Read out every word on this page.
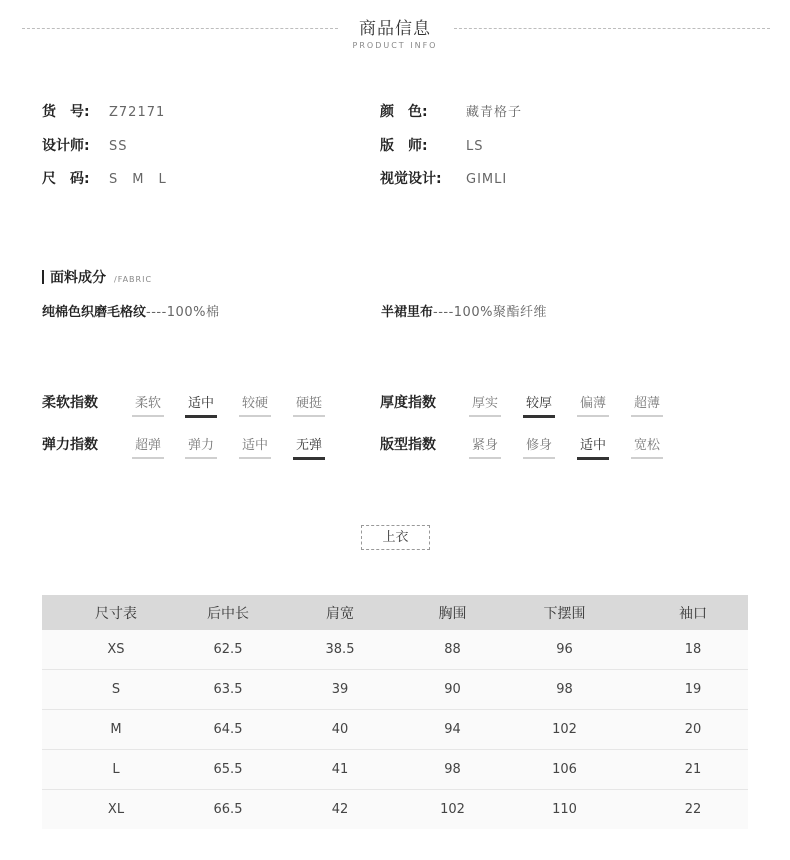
商品信息
PRODUCT INFO
货　号: Z72171
设计师: SS
尺　码: S　M　L
颜　色:	藏青格子
版　师:	LS
视觉设计: GIMLI
面料成分 /FABRIC
纯棉色织磨毛格纹----100%棉	半裙里布----100%聚酯纤维
柔软指数	柔软 适中 较硬 硬挺	厚度指数	厚实 较厚 偏薄 超薄
弹力指数	超弹 弹力 适中 无弹	版型指数	紧身 修身 适中 宽松
上衣
尺寸表	后中长	肩宽	胸围	下摆围	袖口
XS	62.5	38.5	88	96	18
S	63.5	39	90	98	19
M	64.5	40	94	102	20
L	65.5	41	98	106	21
XL	66.5	42	102	110	22
